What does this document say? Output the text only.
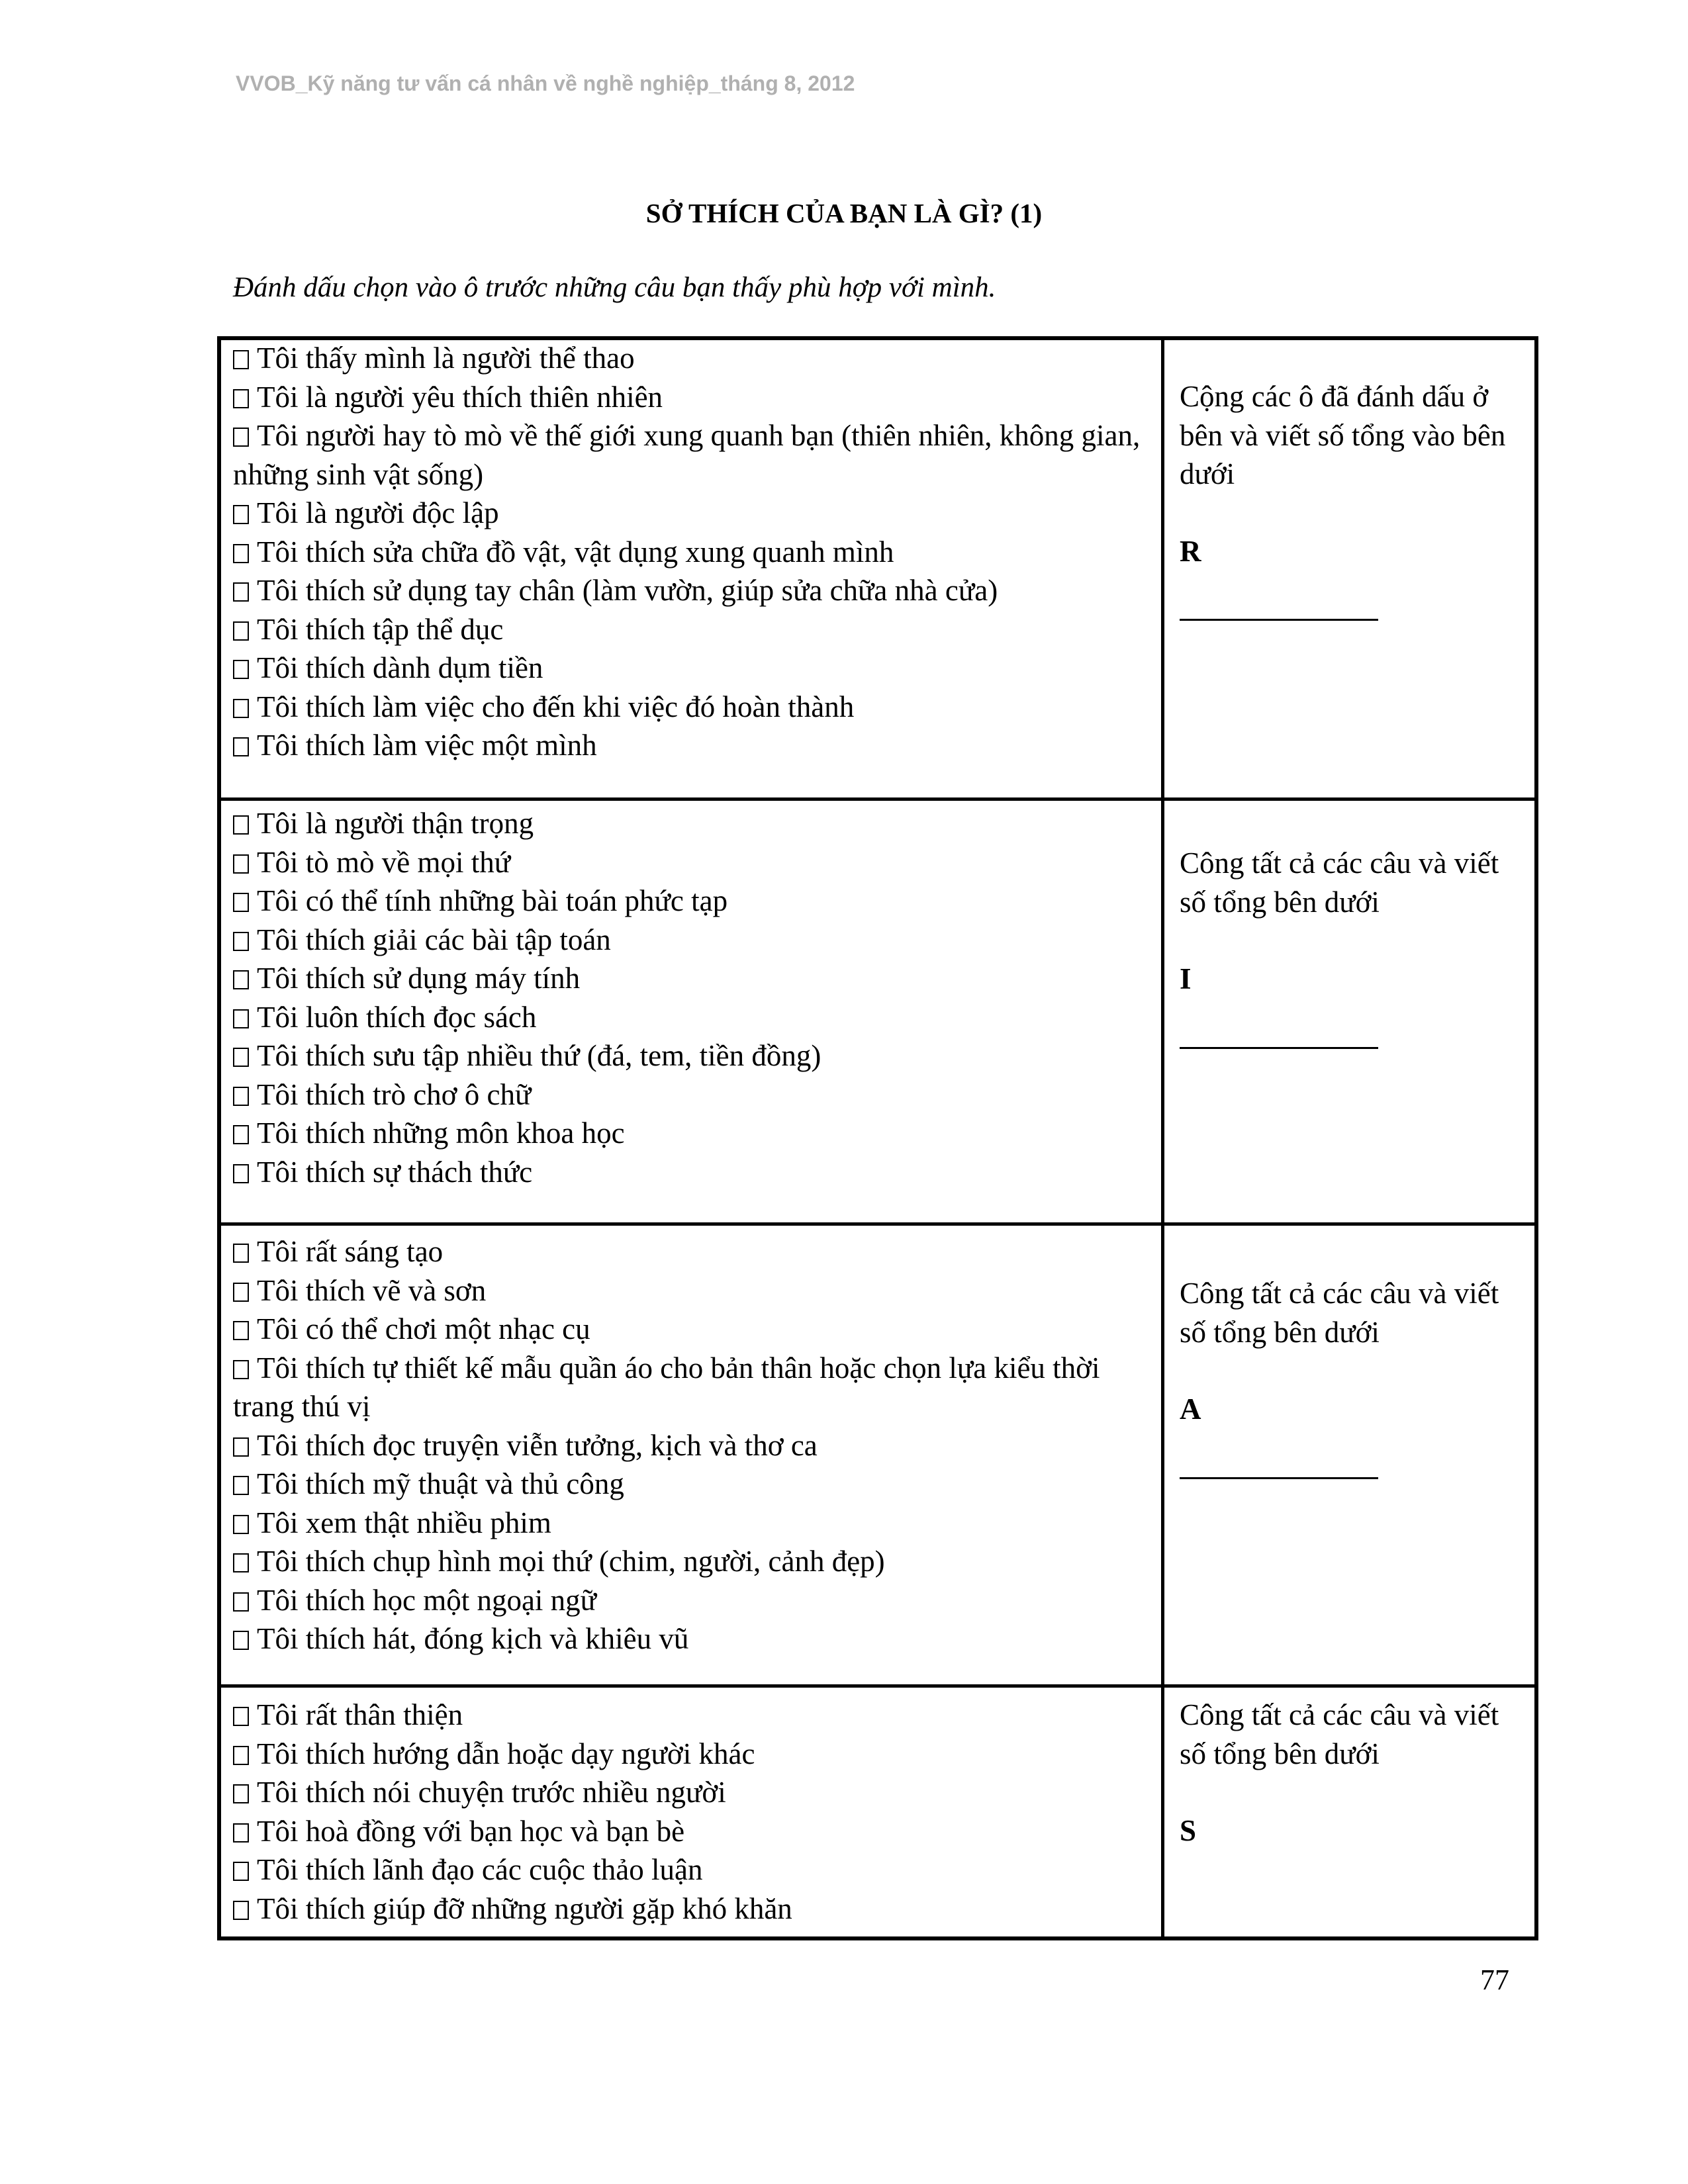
VVOB_Kỹ năng tư vấn cá nhân về nghề nghiệp_tháng 8, 2012
SỞ THÍCH CỦA BẠN LÀ GÌ? (1)
Đánh dấu chọn vào ô trước những câu bạn thấy phù hợp với mình.
Tôi thấy mình là người thể thao
Tôi là người yêu thích thiên nhiên
Tôi người hay tò mò về thế giới xung quanh bạn (thiên nhiên, không gian, những sinh vật sống)
Tôi là người độc lập
Tôi thích sửa chữa đồ vật, vật dụng xung quanh mình
Tôi thích sử dụng tay chân (làm vườn, giúp sửa chữa nhà cửa)
Tôi thích tập thể dục
Tôi thích dành dụm tiền
Tôi thích làm việc cho đến khi việc đó hoàn thành
Tôi thích làm việc một mình
Cộng các ô đã đánh dấu ở bên và viết số tổng vào bên dưới
R
Tôi là người thận trọng
Tôi tò mò về mọi thứ
Tôi có thể tính những bài toán phức tạp
Tôi thích giải các bài tập toán
Tôi thích sử dụng máy tính
Tôi luôn thích đọc sách
Tôi thích sưu tập nhiều thứ (đá, tem, tiền đồng)
Tôi thích trò chơ ô chữ
Tôi thích những môn khoa học
Tôi thích sự thách thức
Công tất cả các câu và viết số tổng bên dưới
I
Tôi rất sáng tạo
Tôi thích vẽ và sơn
Tôi có thể chơi một nhạc cụ
Tôi thích tự thiết kế mẫu quần áo cho bản thân hoặc chọn lựa kiểu thời trang thú vị
Tôi thích đọc truyện viễn tưởng, kịch và thơ ca
Tôi thích mỹ thuật và thủ công
Tôi xem thật nhiều phim
Tôi thích chụp hình mọi thứ (chim, người, cảnh đẹp)
Tôi thích học một ngoại ngữ
Tôi thích hát, đóng kịch và khiêu vũ
Công tất cả các câu và viết số tổng bên dưới
A
Tôi rất thân thiện
Tôi thích hướng dẫn hoặc dạy người khác
Tôi thích nói chuyện trước nhiều người
Tôi hoà đồng với bạn học và bạn bè
Tôi thích lãnh đạo các cuộc thảo luận
Tôi thích giúp đỡ những người gặp khó khăn
Công tất cả các câu và viết số tổng bên dưới
S
77
